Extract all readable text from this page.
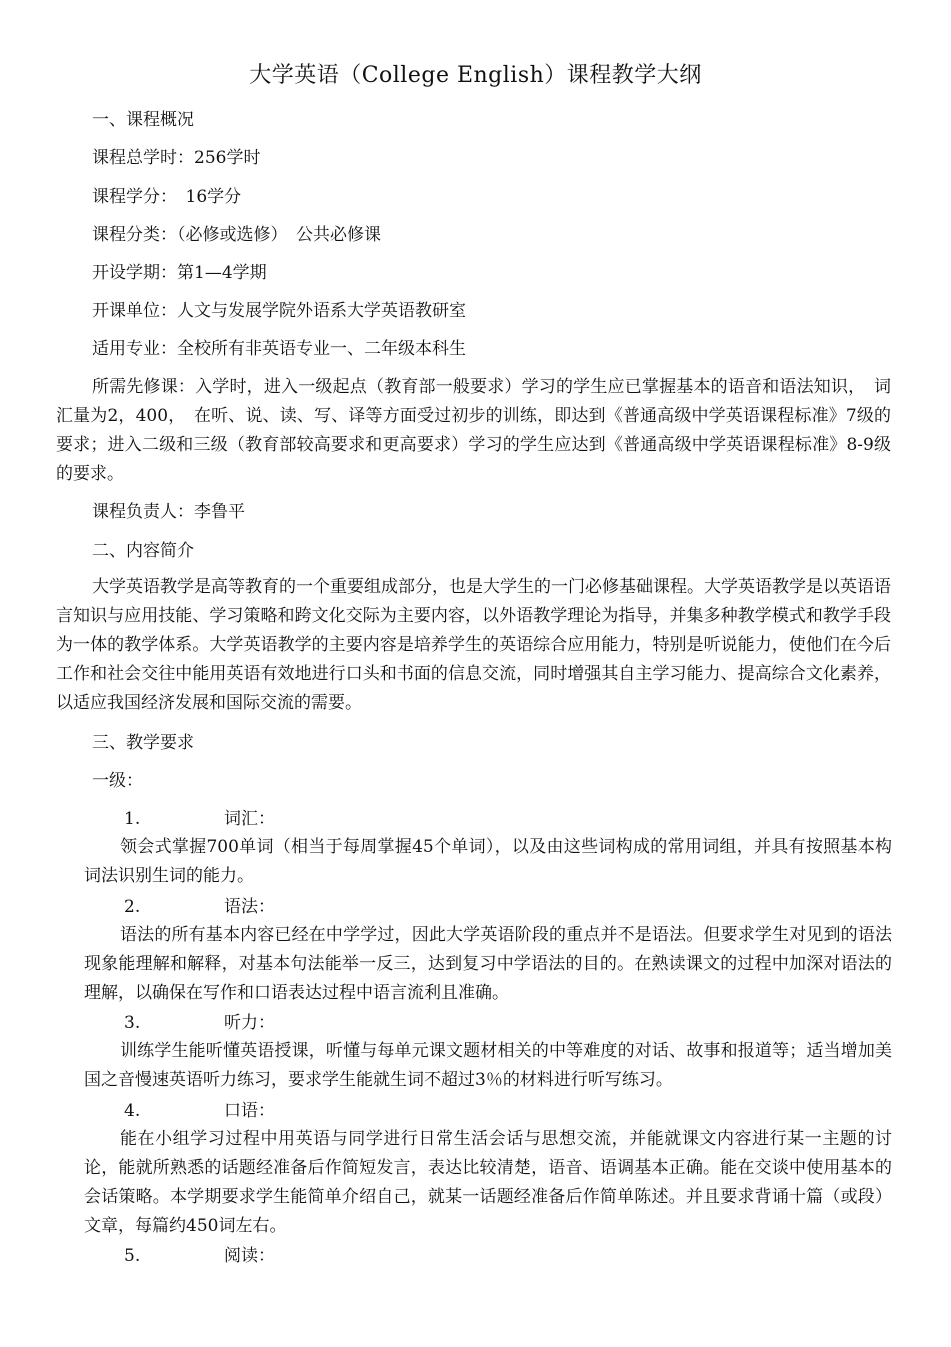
大学英语（College English）课程教学大纲
一、课程概况
课程总学时：256学时
课程学分：　16学分
课程分类：（必修或选修）　公共必修课
开设学期：第1—4学期
开课单位：人文与发展学院外语系大学英语教研室
适用专业：全校所有非英语专业一、二年级本科生
所需先修课：入学时，进入一级起点（教育部一般要求）学习的学生应已掌握基本的语音和语法知识，　词汇量为2，400，　在听、说、读、写、译等方面受过初步的训练，即达到《普通高级中学英语课程标准》7级的要求；进入二级和三级（教育部较高要求和更高要求）学习的学生应达到《普通高级中学英语课程标准》8-9级的要求。
课程负责人：李鲁平
二、内容简介
大学英语教学是高等教育的一个重要组成部分，也是大学生的一门必修基础课程。大学英语教学是以英语语言知识与应用技能、学习策略和跨文化交际为主要内容，以外语教学理论为指导，并集多种教学模式和教学手段为一体的教学体系。大学英语教学的主要内容是培养学生的英语综合应用能力，特别是听说能力，使他们在今后工作和社会交往中能用英语有效地进行口头和书面的信息交流，同时增强其自主学习能力、提高综合文化素养，以适应我国经济发展和国际交流的需要。
三、教学要求
一级：
1.	词汇：
领会式掌握700单词（相当于每周掌握45个单词），以及由这些词构成的常用词组，并具有按照基本构词法识别生词的能力。
2.	语法：
语法的所有基本内容已经在中学学过，因此大学英语阶段的重点并不是语法。但要求学生对见到的语法现象能理解和解释，对基本句法能举一反三，达到复习中学语法的目的。在熟读课文的过程中加深对语法的理解，以确保在写作和口语表达过程中语言流利且准确。
3.	听力：
训练学生能听懂英语授课，听懂与每单元课文题材相关的中等难度的对话、故事和报道等；适当增加美国之音慢速英语听力练习，要求学生能就生词不超过3％的材料进行听写练习。
4.	口语：
能在小组学习过程中用英语与同学进行日常生活会话与思想交流，并能就课文内容进行某一主题的讨论，能就所熟悉的话题经准备后作简短发言，表达比较清楚，语音、语调基本正确。能在交谈中使用基本的会话策略。本学期要求学生能简单介绍自己，就某一话题经准备后作简单陈述。并且要求背诵十篇（或段）文章，每篇约450词左右。
5.	阅读：
